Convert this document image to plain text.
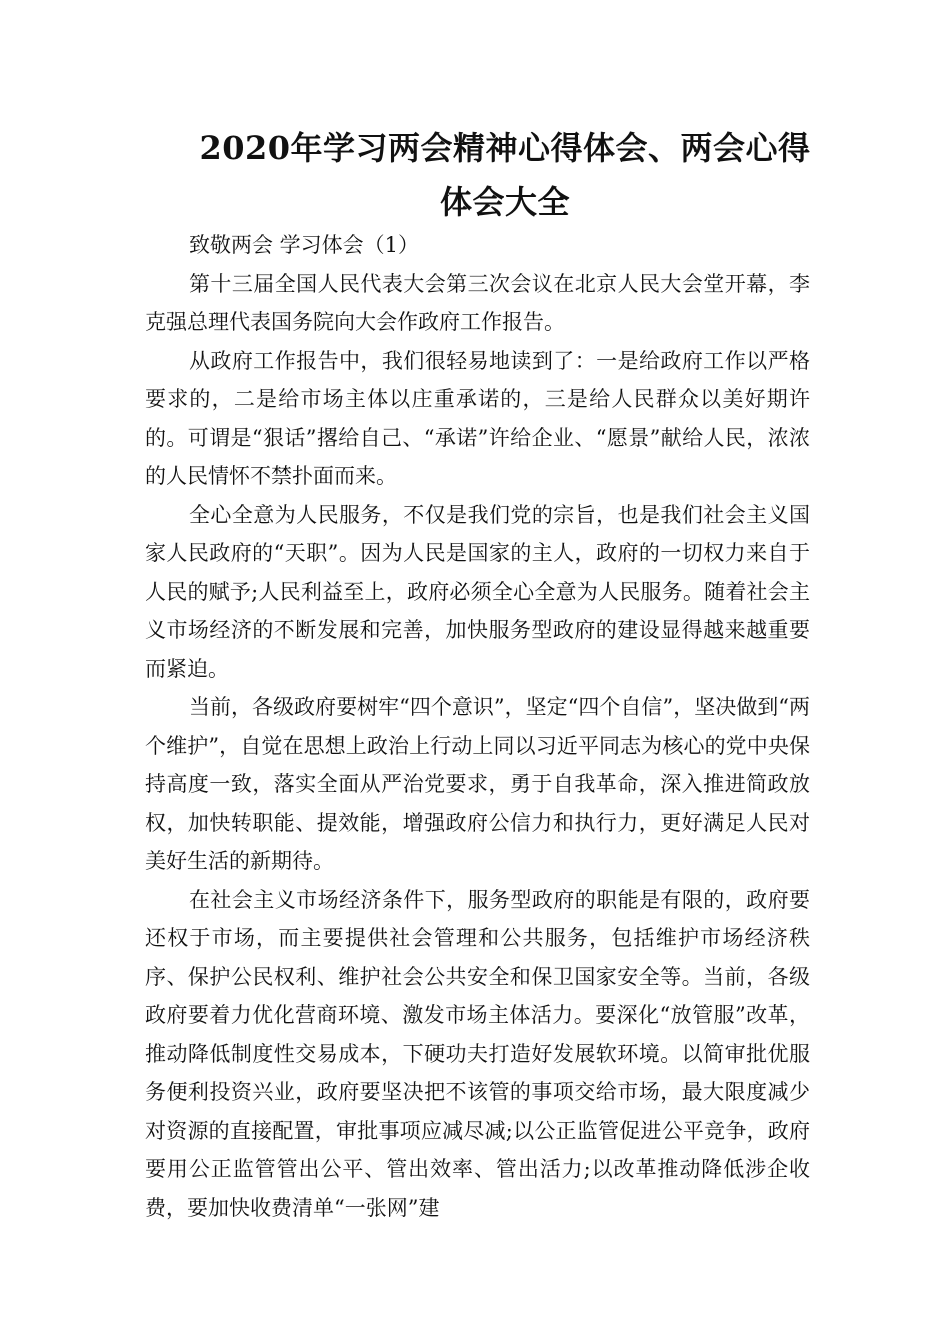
2020年学习两会精神心得体会、两会心得
体会大全

致敬两会 学习体会（1）

第十三届全国人民代表大会第三次会议在北京人民大会堂开幕，李克强总理代表国务院向大会作政府工作报告。

从政府工作报告中，我们很轻易地读到了：一是给政府工作以严格要求的，二是给市场主体以庄重承诺的，三是给人民群众以美好期许的。可谓是“狠话”撂给自己、“承诺”许给企业、“愿景”献给人民，浓浓的人民情怀不禁扑面而来。

全心全意为人民服务，不仅是我们党的宗旨，也是我们社会主义国家人民政府的“天职”。因为人民是国家的主人，政府的一切权力来自于人民的赋予;人民利益至上，政府必须全心全意为人民服务。随着社会主义市场经济的不断发展和完善，加快服务型政府的建设显得越来越重要而紧迫。

当前，各级政府要树牢“四个意识”，坚定“四个自信”，坚决做到“两个维护”，自觉在思想上政治上行动上同以习近平同志为核心的党中央保持高度一致，落实全面从严治党要求，勇于自我革命，深入推进简政放权，加快转职能、提效能，增强政府公信力和执行力，更好满足人民对美好生活的新期待。

在社会主义市场经济条件下，服务型政府的职能是有限的，政府要还权于市场，而主要提供社会管理和公共服务，包括维护市场经济秩序、保护公民权利、维护社会公共安全和保卫国家安全等。当前，各级政府要着力优化营商环境、激发市场主体活力。要深化“放管服”改革，推动降低制度性交易成本，下硬功夫打造好发展软环境。以简审批优服务便利投资兴业，政府要坚决把不该管的事项交给市场，最大限度减少对资源的直接配置，审批事项应减尽减;以公正监管促进公平竞争，政府要用公正监管管出公平、管出效率、管出活力;以改革推动降低涉企收费，要加快收费清单“一张网”建
